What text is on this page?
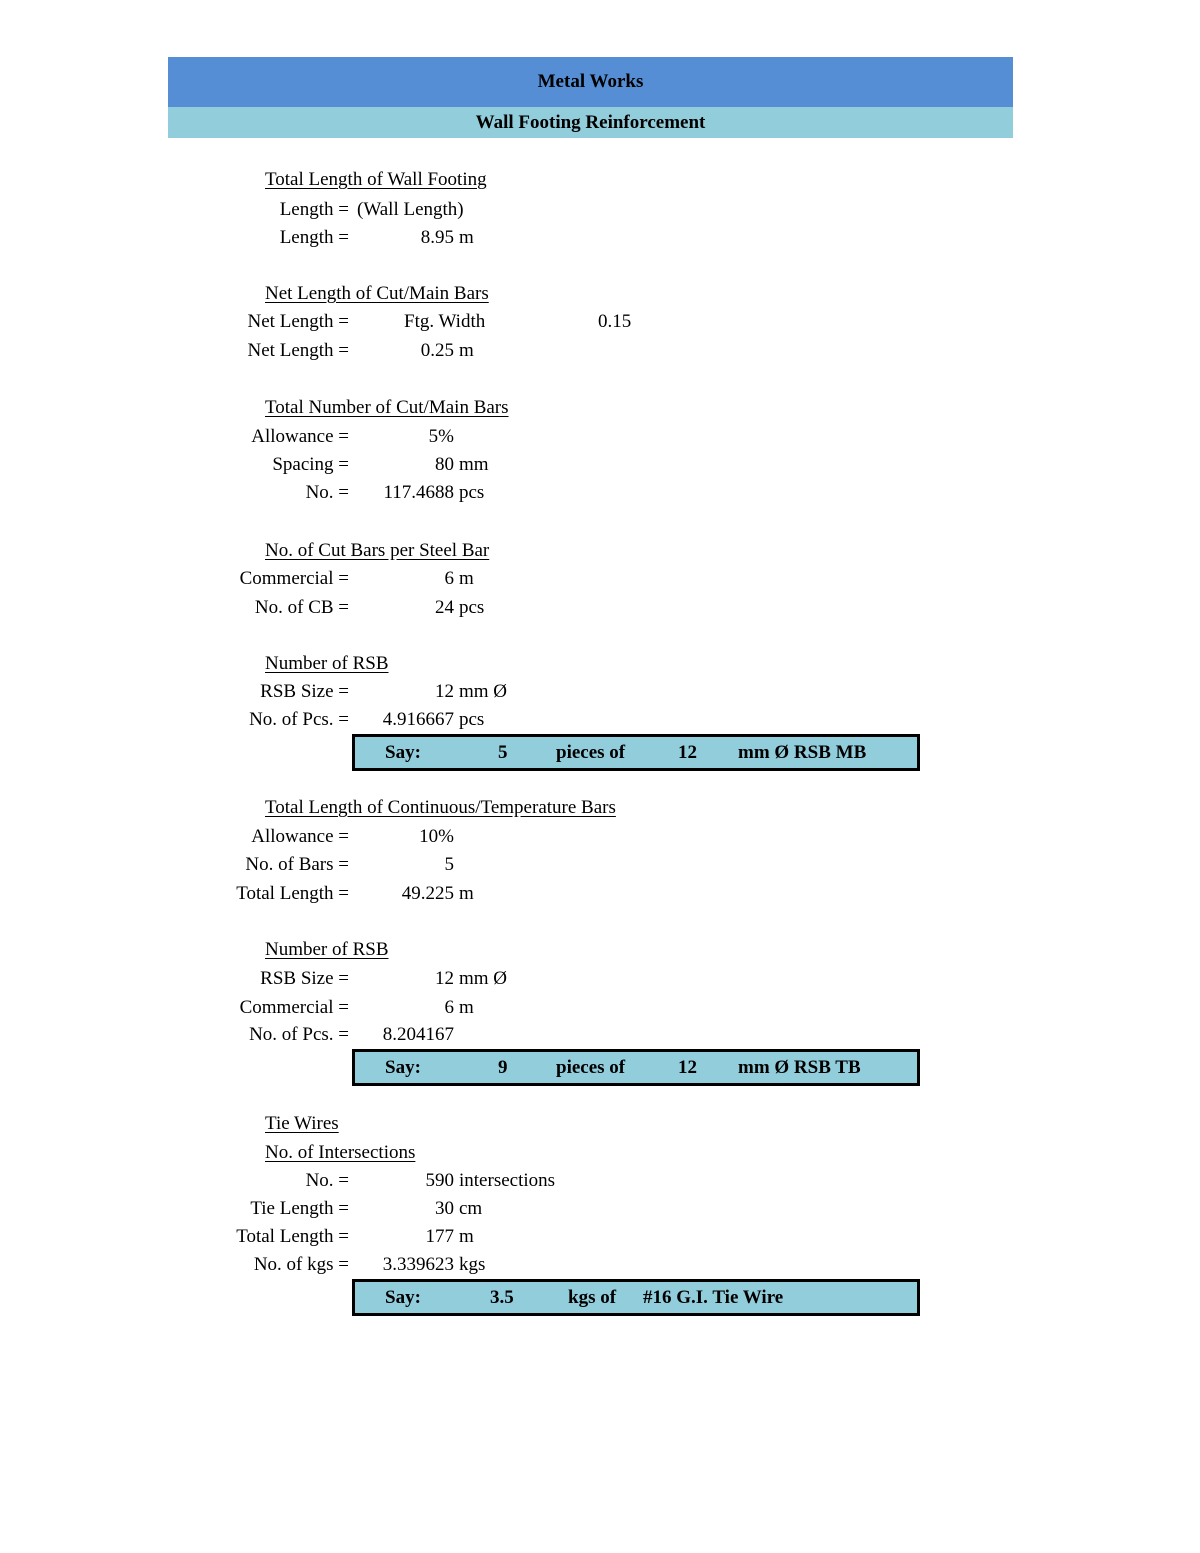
Metal Works
Wall Footing Reinforcement
Total Length of Wall Footing
Length = (Wall Length)
Length =	8.95 m
Net Length of Cut/Main Bars
Net Length =	Ftg. Width	0.15
Net Length =	0.25 m
Total Number of Cut/Main Bars
Allowance =	5%
Spacing =	80 mm
No. = 117.4688 pcs
No. of Cut Bars per Steel Bar
Commercial =	6 m
No. of CB =	24 pcs
Number of RSB
RSB Size =	12 mm Ø
No. of Pcs. = 4.916667 pcs
Say:	5	pieces of	12 mm Ø RSB MB
Total Length of Continuous/Temperature Bars
Allowance =	10%
No. of Bars =	5
Total Length =	49.225 m
Number of RSB
RSB Size =	12 mm Ø
Commercial =	6 m
No. of Pcs. = 8.204167
Say:	9	pieces of	12 mm Ø RSB TB
Tie Wires
No. of Intersections
No. =	590 intersections
Tie Length =	30 cm
Total Length =	177 m
No. of kgs = 3.339623 kgs
Say:	3.5	kgs of #16 G.I. Tie Wire
